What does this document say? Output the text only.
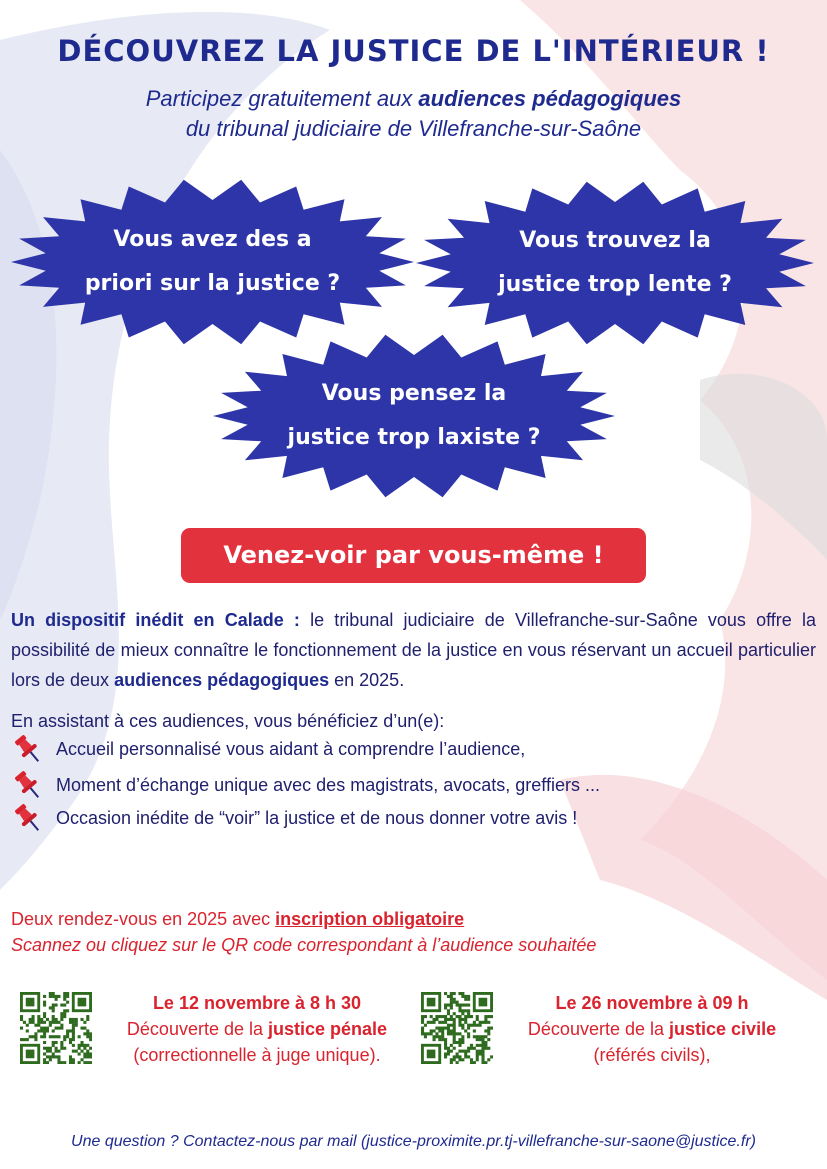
DÉCOUVREZ LA JUSTICE DE L'INTÉRIEUR !
Participez gratuitement aux audiences pédagogiques
du tribunal judiciaire de Villefranche-sur-Saône
Vous avez des a
priori sur la justice ?
Vous trouvez la
justice trop lente ?
Vous pensez la
justice trop laxiste ?
Venez-voir par vous-même !
Un dispositif inédit en Calade : le tribunal judiciaire de Villefranche-sur-Saône vous offre la possibilité de mieux connaître le fonctionnement de la justice en vous réservant un accueil particulier lors de deux audiences pédagogiques en 2025.
En assistant à ces audiences, vous bénéficiez d’un(e):
Accueil personnalisé vous aidant à comprendre l’audience,
Moment d’échange unique avec des magistrats, avocats, greffiers ...
Occasion inédite de “voir” la justice et de nous donner votre avis !
Deux rendez-vous en 2025 avec inscription obligatoire
Scannez ou cliquez sur le QR code correspondant à l’audience souhaitée
Le 12 novembre à 8 h 30
Découverte de la justice pénale
(correctionnelle à juge unique).
Le 26 novembre à 09 h
Découverte de la justice civile
(référés civils),
Une question ? Contactez-nous par mail (justice-proximite.pr.tj-villefranche-sur-saone@justice.fr)
